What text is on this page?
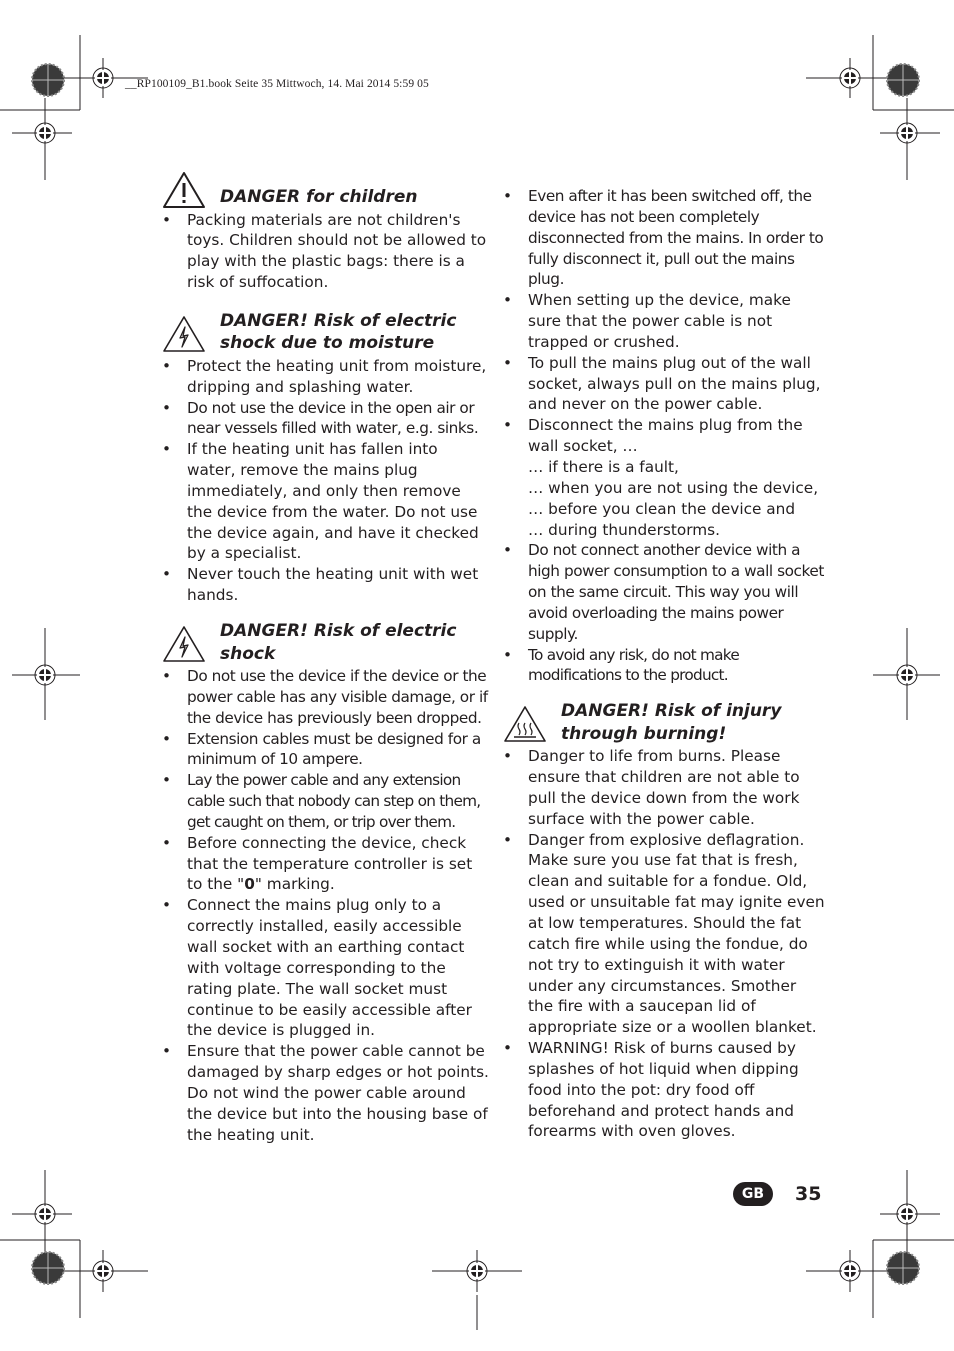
__RP100109_B1.book Seite 35 Mittwoch, 14. Mai 2014 5:59 05
DANGER for children
• Packing materials are not children's toys. Children should not be allowed to play with the plastic bags: there is a risk of suffocation.
DANGER! Risk of electric
shock due to moisture
• Protect the heating unit from moisture, dripping and splashing water.
• Do not use the device in the open air or near vessels filled with water, e.g. sinks.
• If the heating unit has fallen into water, remove the mains plug immediately, and only then remove the device from the water. Do not use the device again, and have it checked by a specialist.
• Never touch the heating unit with wet hands.
DANGER! Risk of electric
shock
• Do not use the device if the device or the power cable has any visible damage, or if the device has previously been dropped.
• Extension cables must be designed for a minimum of 10 ampere.
• Lay the power cable and any extension cable such that nobody can step on them, get caught on them, or trip over them.
• Before connecting the device, check that the temperature controller is set to the "0" marking.
• Connect the mains plug only to a correctly installed, easily accessible wall socket with an earthing contact with voltage corresponding to the rating plate. The wall socket must continue to be easily accessible after the device is plugged in.
• Ensure that the power cable cannot be damaged by sharp edges or hot points. Do not wind the power cable around the device but into the housing base of the heating unit.
• Even after it has been switched off, the device has not been completely disconnected from the mains. In order to fully disconnect it, pull out the mains plug.
• When setting up the device, make sure that the power cable is not trapped or crushed.
• To pull the mains plug out of the wall socket, always pull on the mains plug, and never on the power cable.
• Disconnect the mains plug from the wall socket, …
… if there is a fault,
… when you are not using the device,
… before you clean the device and
… during thunderstorms.
• Do not connect another device with a high power consumption to a wall socket on the same circuit. This way you will avoid overloading the mains power supply.
• To avoid any risk, do not make modifications to the product.
DANGER! Risk of injury
through burning!
• Danger to life from burns. Please ensure that children are not able to pull the device down from the work surface with the power cable.
• Danger from explosive deflagration. Make sure you use fat that is fresh, clean and suitable for a fondue. Old, used or unsuitable fat may ignite even at low temperatures. Should the fat catch fire while using the fondue, do not try to extinguish it with water under any circumstances. Smother the fire with a saucepan lid of appropriate size or a woollen blanket.
• WARNING! Risk of burns caused by splashes of hot liquid when dipping food into the pot: dry food off beforehand and protect hands and forearms with oven gloves.
GB	35
